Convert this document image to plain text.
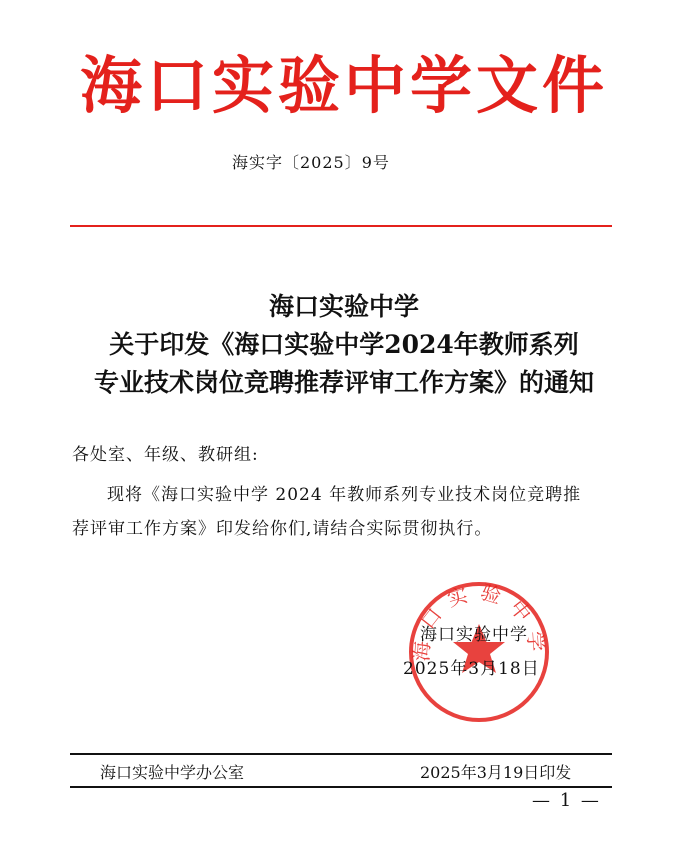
海口实验中学文件
海实字〔2025〕9号
海口实验中学
关于印发《海口实验中学2024年教师系列
专业技术岗位竞聘推荐评审工作方案》的通知
各处室、年级、教研组:
现将《海口实验中学 2024 年教师系列专业技术岗位竞聘推
荐评审工作方案》印发给你们,请结合实际贯彻执行。
海口实验中学
海口实验中学
2025年3月18日
海口实验中学办公室	2025年3月19日印发
— 1 —
